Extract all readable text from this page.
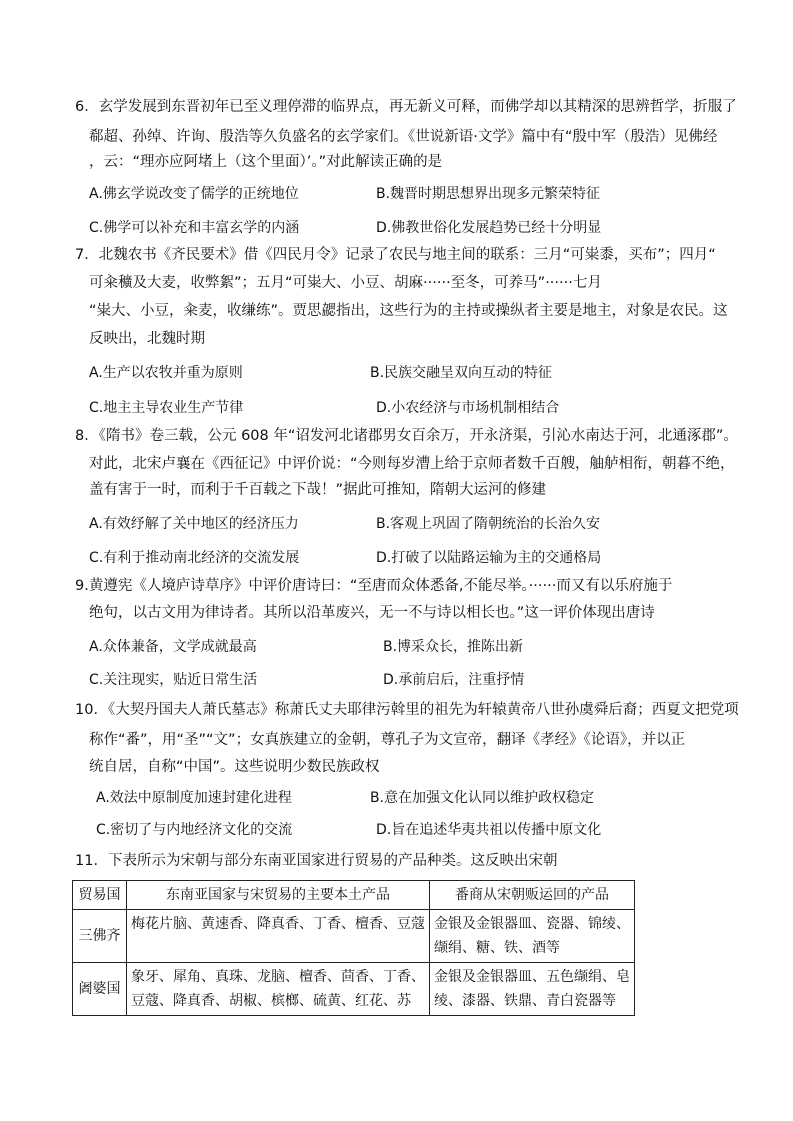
6．玄学发展到东晋初年已至义理停滞的临界点，再无新义可释，而佛学却以其精深的思辨哲学，折服了
郗超、孙绰、许询、殷浩等久负盛名的玄学家们。《世说新语·文学》篇中有“殷中军（殷浩）见佛经
，云：“理亦应阿堵上（这个里面）’。”对此解读正确的是
A.佛玄学说改变了儒学的正统地位	B.魏晋时期思想界出现多元繁荣特征
C.佛学可以补充和丰富玄学的内涵	D.佛教世俗化发展趋势已经十分明显
7．北魏农书《齐民要术》借《四民月令》记录了农民与地主间的联系：三月“可粜黍，买布”；四月“
可籴穬及大麦，收弊絮”；五月“可粜大、小豆、胡麻······至冬，可养马”······七月
“粜大、小豆，籴麦，收缣练”。贾思勰指出，这些行为的主持或操纵者主要是地主，对象是农民。这
反映出，北魏时期
A.生产以农牧并重为原则	B.民族交融呈双向互动的特征
C.地主主导农业生产节律	D.小农经济与市场机制相结合
8．《隋书》卷三载，公元 608 年“诏发河北诸郡男女百余万，开永济渠，引沁水南达于河，北通涿郡”。
对此，北宋卢襄在《西征记》中评价说：“今则每岁漕上给于京师者数千百艘，舳舻相衔，朝暮不绝，
盖有害于一时，而利于千百载之下哉！”据此可推知，隋朝大运河的修建
A.有效纾解了关中地区的经济压力	B.客观上巩固了隋朝统治的长治久安
C.有利于推动南北经济的交流发展	D.打破了以陆路运输为主的交通格局
9.黄遵宪《人境庐诗草序》中评价唐诗曰：“至唐而众体悉备,不能尽举。······而又有以乐府施于
绝句，以古文用为律诗者。其所以沿革废兴，无一不与诗以相长也。”这一评价体现出唐诗
A.众体兼备，文学成就最高	B.博采众长，推陈出新
C.关注现实，贴近日常生活	D.承前启后，注重抒情
10．《大契丹国夫人萧氏墓志》称萧氏丈夫耶律污斡里的祖先为轩辕黄帝八世孙虞舜后裔；西夏文把党项
称作“番”，用“圣”“文”；女真族建立的金朝，尊孔子为文宣帝，翻译《孝经》《论语》，并以正
统自居，自称“中国”。这些说明少数民族政权
A.效法中原制度加速封建化进程	B.意在加强文化认同以维护政权稳定
C.密切了与内地经济文化的交流	D.旨在追述华夷共祖以传播中原文化
11．下表所示为宋朝与部分东南亚国家进行贸易的产品种类。这反映出宋朝
贸易国	东南亚国家与宋贸易的主要本土产品	番商从宋朝贩运回的产品
三佛齐	梅花片脑、黄速香、降真香、丁香、檀香、豆蔻	金银及金银器皿、瓷器、锦绫、
缬绢、糖、铁、酒等

阇婆国	象牙、犀角、真珠、龙脑、檀香、茴香、丁香、
豆蔻、降真香、胡椒、槟榔、硫黄、红花、苏	金银及金银器皿、五色缬绢、皂
绫、漆器、铁鼎、青白瓷器等
